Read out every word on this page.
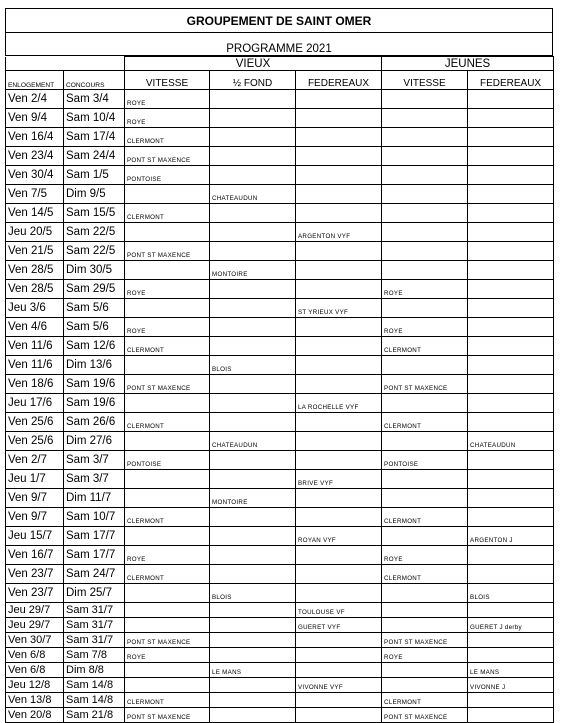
GROUPEMENT DE SAINT OMER
PROGRAMME 2021
		VIEUX			JEUNES	
ENLOGEMENT	CONCOURS	VITESSE	½ FOND	FEDEREAUX	VITESSE	FEDEREAUX
Ven 2/4	Sam 3/4	ROYE				
Ven 9/4	Sam 10/4	ROYE				
Ven 16/4	Sam 17/4	CLERMONT				
Ven 23/4	Sam 24/4	PONT ST MAXENCE				
Ven 30/4	Sam 1/5	PONTOISE				
Ven 7/5	Dim 9/5		CHATEAUDUN			
Ven 14/5	Sam 15/5	CLERMONT				
Jeu 20/5	Sam 22/5			ARGENTON VYF		
Ven 21/5	Sam 22/5	PONT ST MAXENCE				
Ven 28/5	Dim 30/5		MONTOIRE			
Ven 28/5	Sam 29/5	ROYE			ROYE	
Jeu 3/6	Sam 5/6			ST YRIEUX VYF		
Ven 4/6	Sam 5/6	ROYE			ROYE	
Ven 11/6	Sam 12/6	CLERMONT			CLERMONT	
Ven 11/6	Dim 13/6		BLOIS			
Ven 18/6	Sam 19/6	PONT ST MAXENCE			PONT ST MAXENCE	
Jeu 17/6	Sam 19/6			LA ROCHELLE VYF		
Ven 25/6	Sam 26/6	CLERMONT			CLERMONT	
Ven 25/6	Dim 27/6		CHATEAUDUN			CHATEAUDUN
Ven 2/7	Sam 3/7	PONTOISE			PONTOISE	
Jeu 1/7	Sam 3/7			BRIVE VYF		
Ven 9/7	Dim 11/7		MONTOIRE			
Ven 9/7	Sam 10/7	CLERMONT			CLERMONT	
Jeu 15/7	Sam 17/7			ROYAN VYF		ARGENTON J
Ven 16/7	Sam 17/7	ROYE			ROYE	
Ven 23/7	Sam 24/7	CLERMONT			CLERMONT	
Ven 23/7	Dim 25/7		BLOIS			BLOIS
Jeu 29/7	Sam 31/7			TOULOUSE VF		
Jeu 29/7	Sam 31/7			GUERET VYF		GUERET J derby
Ven 30/7	Sam 31/7	PONT ST MAXENCE			PONT ST MAXENCE	
Ven 6/8	Sam 7/8	ROYE			ROYE	
Ven 6/8	Dim 8/8		LE MANS			LE MANS
Jeu 12/8	Sam 14/8			VIVONNE VYF		VIVONNE J
Ven 13/8	Sam 14/8	CLERMONT			CLERMONT	
Ven 20/8	Sam 21/8	PONT ST MAXENCE			PONT ST MAXENCE	
